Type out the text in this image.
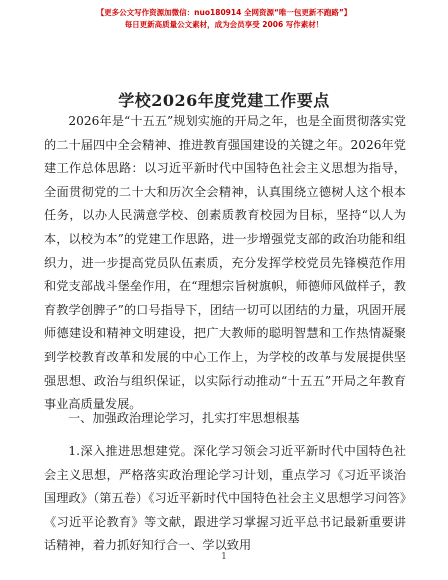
【更多公文写作资源加微信：nuo180914 全网资源“唯一包更新不跑路”】
每日更新高质量公文素材，成为会员享受 2006 写作素材！
学校2026年度党建工作要点
2026年是“十五五”规划实施的开局之年，也是全面贯彻落实党的二十届四中全会精神、推进教育强国建设的关键之年。2026年党建工作总体思路：以习近平新时代中国特色社会主义思想为指导，全面贯彻党的二十大和历次全会精神，认真围绕立德树人这个根本任务，以办人民满意学校、创素质教育校园为目标，坚持“以人为本，以校为本”的党建工作思路，进一步增强党支部的政治功能和组织力，进一步提高党员队伍素质，充分发挥学校党员先锋模范作用和党支部战斗堡垒作用，在“理想宗旨树旗帜，师德师风做样子，教育教学创脾子”的口号指导下，团结一切可以团结的力量，巩固开展师德建设和精神文明建设，把广大教师的聪明智慧和工作热情凝聚到学校教育改革和发展的中心工作上，为学校的改革与发展提供坚强思想、政治与组织保证，以实际行动推动“十五五”开局之年教育事业高质量发展。
一、加强政治理论学习，扎实打牢思想根基
1.深入推进思想建党。深化学习领会习近平新时代中国特色社会主义思想，严格落实政治理论学习计划，重点学习《习近平谈治国理政》（第五卷）《习近平新时代中国特色社会主义思想学习问答》《习近平论教育》等文献，跟进学习掌握习近平总书记最新重要讲话精神，着力抓好知行合一、学以致用
1
